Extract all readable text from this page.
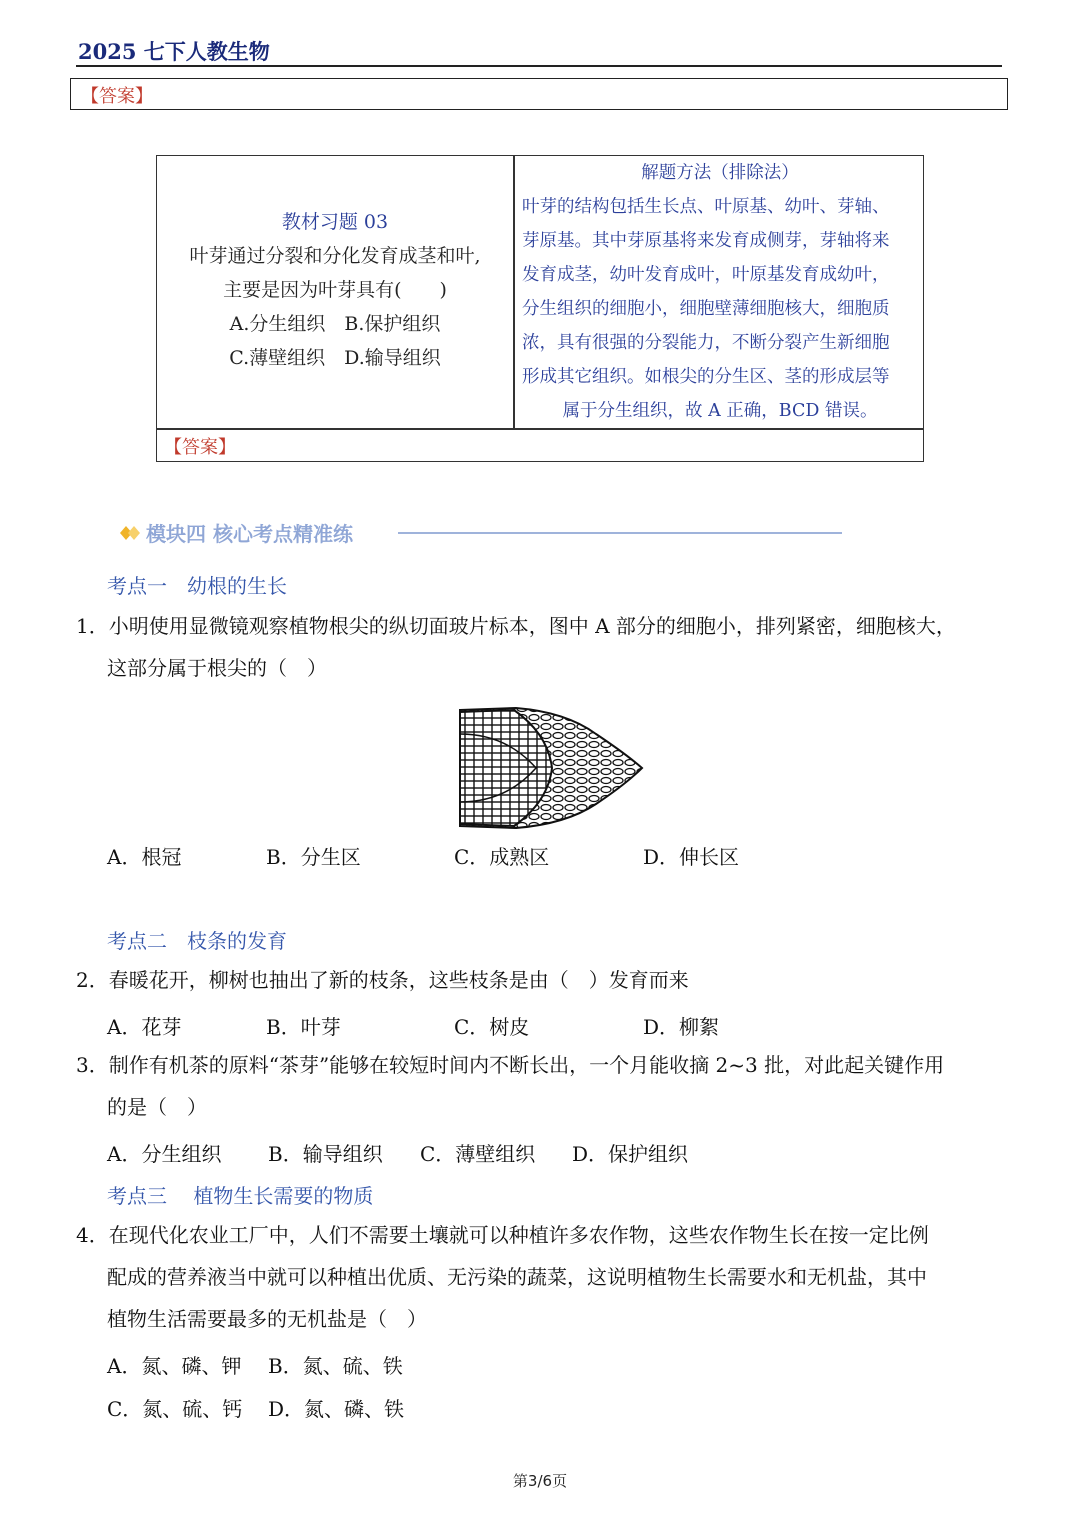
2025 七下人教生物
【答案】
教材习题 03
叶芽通过分裂和分化发育成茎和叶,
主要是因为叶芽具有(　　)
A.分生组织　B.保护组织
C.薄壁组织　D.输导组织
解题方法（排除法）
叶芽的结构包括生长点、叶原基、幼叶、芽轴、
芽原基。其中芽原基将来发育成侧芽，芽轴将来
发育成茎，幼叶发育成叶，叶原基发育成幼叶，
分生组织的细胞小，细胞壁薄细胞核大，细胞质
浓，具有很强的分裂能力，不断分裂产生新细胞
形成其它组织。如根尖的分生区、茎的形成层等
属于分生组织，故 A 正确，BCD 错误。
【答案】
模块四 核心考点精准练
考点一　幼根的生长
1．小明使用显微镜观察植物根尖的纵切面玻片标本，图中 A 部分的细胞小，排列紧密，细胞核大，
这部分属于根尖的（　）
A．根冠	B．分生区	C．成熟区	D．伸长区
考点二　枝条的发育
2．春暖花开，柳树也抽出了新的枝条，这些枝条是由（　）发育而来
A．花芽	B．叶芽	C．树皮	D．柳絮
3．制作有机茶的原料“茶芽”能够在较短时间内不断长出，一个月能收摘 2~3 批，对此起关键作用
的是（　）
A．分生组织 B．输导组织 C．薄壁组织 D．保护组织
考点三　 植物生长需要的物质
4．在现代化农业工厂中，人们不需要土壤就可以种植许多农作物，这些农作物生长在按一定比例
配成的营养液当中就可以种植出优质、无污染的蔬菜，这说明植物生长需要水和无机盐，其中
植物生活需要最多的无机盐是（　）
A．氮、磷、钾 B．氮、硫、铁
C．氮、硫、钙 D．氮、磷、铁
第3/6页
